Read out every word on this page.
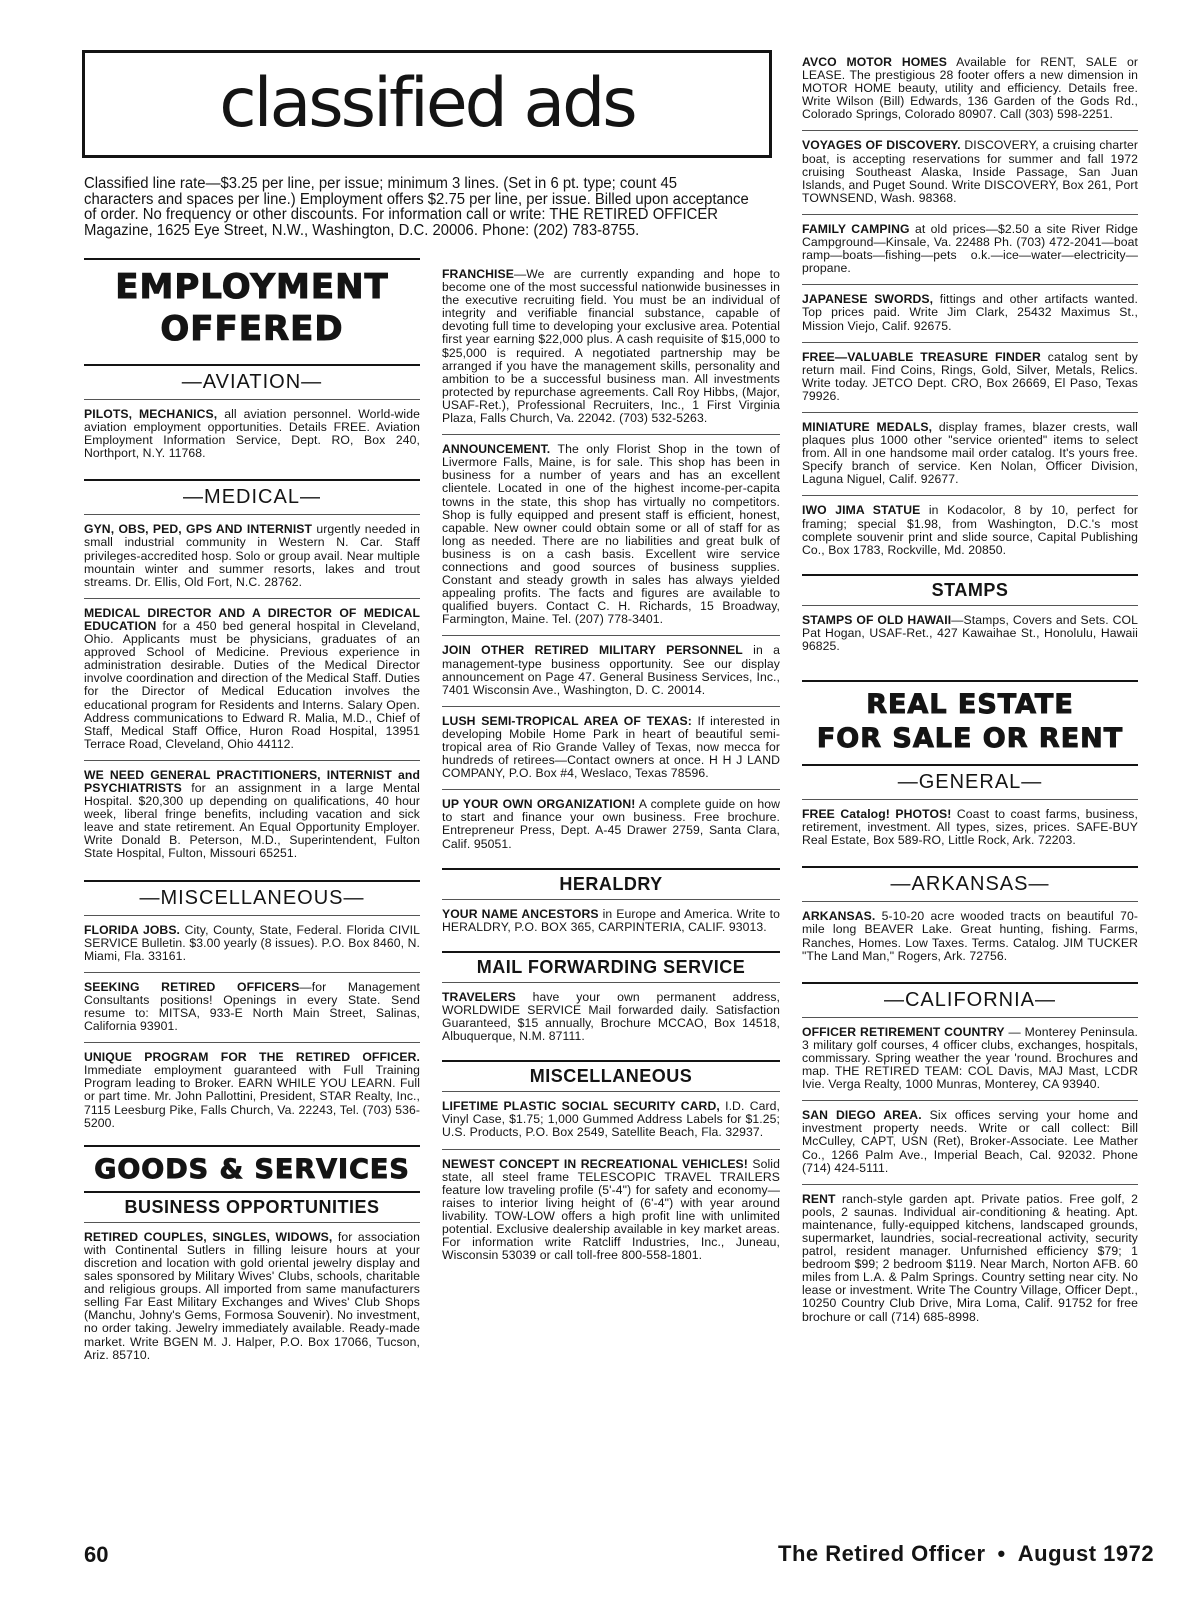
classified ads
Classified line rate—$3.25 per line, per issue; minimum 3 lines. (Set in 6 pt. type; count 45 characters and spaces per line.) Employment offers $2.75 per line, per issue. Billed upon acceptance of order. No frequency or other discounts. For information call or write: THE RETIRED OFFICER Magazine, 1625 Eye Street, N.W., Washington, D.C. 20006. Phone: (202) 783-8755.
EMPLOYMENT
OFFERED
—AVIATION—
PILOTS, MECHANICS, all aviation personnel. World-wide aviation employment opportunities. Details FREE. Aviation Employment Information Service, Dept. RO, Box 240, Northport, N.Y. 11768.
—MEDICAL—
GYN, OBS, PED, GPS AND INTERNIST urgently needed in small industrial community in Western N. Car. Staff privileges-accredited hosp. Solo or group avail. Near multiple mountain winter and summer resorts, lakes and trout streams. Dr. Ellis, Old Fort, N.C. 28762.
MEDICAL DIRECTOR AND A DIRECTOR OF MEDICAL EDUCATION for a 450 bed general hospital in Cleveland, Ohio. Applicants must be physicians, graduates of an approved School of Medicine. Previous experience in administration desirable. Duties of the Medical Director involve coordination and direction of the Medical Staff. Duties for the Director of Medical Education involves the educational program for Residents and Interns. Salary Open. Address communications to Edward R. Malia, M.D., Chief of Staff, Medical Staff Office, Huron Road Hospital, 13951 Terrace Road, Cleveland, Ohio 44112.
WE NEED GENERAL PRACTITIONERS, INTERNIST and PSYCHIATRISTS for an assignment in a large Mental Hospital. $20,300 up depending on qualifications, 40 hour week, liberal fringe benefits, including vacation and sick leave and state retirement. An Equal Opportunity Employer. Write Donald B. Peterson, M.D., Superintendent, Fulton State Hospital, Fulton, Missouri 65251.
—MISCELLANEOUS—
FLORIDA JOBS. City, County, State, Federal. Florida CIVIL SERVICE Bulletin. $3.00 yearly (8 issues). P.O. Box 8460, N. Miami, Fla. 33161.
SEEKING RETIRED OFFICERS—for Management Consultants positions! Openings in every State. Send resume to: MITSA, 933-E North Main Street, Salinas, California 93901.
UNIQUE PROGRAM FOR THE RETIRED OFFICER. Immediate employment guaranteed with Full Training Program leading to Broker. EARN WHILE YOU LEARN. Full or part time. Mr. John Pallottini, President, STAR Realty, Inc., 7115 Leesburg Pike, Falls Church, Va. 22243, Tel. (703) 536-5200.
GOODS & SERVICES
BUSINESS OPPORTUNITIES
RETIRED COUPLES, SINGLES, WIDOWS, for association with Continental Sutlers in filling leisure hours at your discretion and location with gold oriental jewelry display and sales sponsored by Military Wives' Clubs, schools, charitable and religious groups. All imported from same manufacturers selling Far East Military Exchanges and Wives' Club Shops (Manchu, Johny's Gems, Formosa Souvenir). No investment, no order taking. Jewelry immediately available. Ready-made market. Write BGEN M. J. Halper, P.O. Box 17066, Tucson, Ariz. 85710.
FRANCHISE—We are currently expanding and hope to become one of the most successful nationwide businesses in the executive recruiting field. You must be an individual of integrity and verifiable financial substance, capable of devoting full time to developing your exclusive area. Potential first year earning $22,000 plus. A cash requisite of $15,000 to $25,000 is required. A negotiated partnership may be arranged if you have the management skills, personality and ambition to be a successful business man. All investments protected by repurchase agreements. Call Roy Hibbs, (Major, USAF-Ret.), Professional Recruiters, Inc., 1 First Virginia Plaza, Falls Church, Va. 22042. (703) 532-5263.
ANNOUNCEMENT. The only Florist Shop in the town of Livermore Falls, Maine, is for sale. This shop has been in business for a number of years and has an excellent clientele. Located in one of the highest income-per-capita towns in the state, this shop has virtually no competitors. Shop is fully equipped and present staff is efficient, honest, capable. New owner could obtain some or all of staff for as long as needed. There are no liabilities and great bulk of business is on a cash basis. Excellent wire service connections and good sources of business supplies. Constant and steady growth in sales has always yielded appealing profits. The facts and figures are available to qualified buyers. Contact C. H. Richards, 15 Broadway, Farmington, Maine. Tel. (207) 778-3401.
JOIN OTHER RETIRED MILITARY PERSONNEL in a management-type business opportunity. See our display announcement on Page 47. General Business Services, Inc., 7401 Wisconsin Ave., Washington, D. C. 20014.
LUSH SEMI-TROPICAL AREA OF TEXAS: If interested in developing Mobile Home Park in heart of beautiful semi-tropical area of Rio Grande Valley of Texas, now mecca for hundreds of retirees—Contact owners at once. H H J LAND COMPANY, P.O. Box #4, Weslaco, Texas 78596.
UP YOUR OWN ORGANIZATION! A complete guide on how to start and finance your own business. Free brochure. Entrepreneur Press, Dept. A-45 Drawer 2759, Santa Clara, Calif. 95051.
HERALDRY
YOUR NAME ANCESTORS in Europe and America. Write to HERALDRY, P.O. BOX 365, CARPINTERIA, CALIF. 93013.
MAIL FORWARDING SERVICE
TRAVELERS have your own permanent address, WORLDWIDE SERVICE Mail forwarded daily. Satisfaction Guaranteed, $15 annually, Brochure MCCAO, Box 14518, Albuquerque, N.M. 87111.
MISCELLANEOUS
LIFETIME PLASTIC SOCIAL SECURITY CARD, I.D. Card, Vinyl Case, $1.75; 1,000 Gummed Address Labels for $1.25; U.S. Products, P.O. Box 2549, Satellite Beach, Fla. 32937.
NEWEST CONCEPT IN RECREATIONAL VEHICLES! Solid state, all steel frame TELESCOPIC TRAVEL TRAILERS feature low traveling profile (5'-4") for safety and economy—raises to interior living height of (6'-4") with year around livability. TOW-LOW offers a high profit line with unlimited potential. Exclusive dealership available in key market areas. For information write Ratcliff Industries, Inc., Juneau, Wisconsin 53039 or call toll-free 800-558-1801.
AVCO MOTOR HOMES Available for RENT, SALE or LEASE. The prestigious 28 footer offers a new dimension in MOTOR HOME beauty, utility and efficiency. Details free. Write Wilson (Bill) Edwards, 136 Garden of the Gods Rd., Colorado Springs, Colorado 80907. Call (303) 598-2251.
VOYAGES OF DISCOVERY. DISCOVERY, a cruising charter boat, is accepting reservations for summer and fall 1972 cruising Southeast Alaska, Inside Passage, San Juan Islands, and Puget Sound. Write DISCOVERY, Box 261, Port TOWNSEND, Wash. 98368.
FAMILY CAMPING at old prices—$2.50 a site River Ridge Campground—Kinsale, Va. 22488 Ph. (703) 472-2041—boat ramp—boats—fishing—pets o.k.—ice—water—electricity—propane.
JAPANESE SWORDS, fittings and other artifacts wanted. Top prices paid. Write Jim Clark, 25432 Maximus St., Mission Viejo, Calif. 92675.
FREE—VALUABLE TREASURE FINDER catalog sent by return mail. Find Coins, Rings, Gold, Silver, Metals, Relics. Write today. JETCO Dept. CRO, Box 26669, El Paso, Texas 79926.
MINIATURE MEDALS, display frames, blazer crests, wall plaques plus 1000 other "service oriented" items to select from. All in one handsome mail order catalog. It's yours free. Specify branch of service. Ken Nolan, Officer Division, Laguna Niguel, Calif. 92677.
IWO JIMA STATUE in Kodacolor, 8 by 10, perfect for framing; special $1.98, from Washington, D.C.'s most complete souvenir print and slide source, Capital Publishing Co., Box 1783, Rockville, Md. 20850.
STAMPS
STAMPS OF OLD HAWAII—Stamps, Covers and Sets. COL Pat Hogan, USAF-Ret., 427 Kawaihae St., Honolulu, Hawaii 96825.
REAL ESTATE
FOR SALE OR RENT
—GENERAL—
FREE Catalog! PHOTOS! Coast to coast farms, business, retirement, investment. All types, sizes, prices. SAFE-BUY Real Estate, Box 589-RO, Little Rock, Ark. 72203.
—ARKANSAS—
ARKANSAS. 5-10-20 acre wooded tracts on beautiful 70-mile long BEAVER Lake. Great hunting, fishing. Farms, Ranches, Homes. Low Taxes. Terms. Catalog. JIM TUCKER "The Land Man," Rogers, Ark. 72756.
—CALIFORNIA—
OFFICER RETIREMENT COUNTRY — Monterey Peninsula. 3 military golf courses, 4 officer clubs, exchanges, hospitals, commissary. Spring weather the year 'round. Brochures and map. THE RETIRED TEAM: COL Davis, MAJ Mast, LCDR Ivie. Verga Realty, 1000 Munras, Monterey, CA 93940.
SAN DIEGO AREA. Six offices serving your home and investment property needs. Write or call collect: Bill McCulley, CAPT, USN (Ret), Broker-Associate. Lee Mather Co., 1266 Palm Ave., Imperial Beach, Cal. 92032. Phone (714) 424-5111.
RENT ranch-style garden apt. Private patios. Free golf, 2 pools, 2 saunas. Individual air-conditioning & heating. Apt. maintenance, fully-equipped kitchens, landscaped grounds, supermarket, laundries, social-recreational activity, security patrol, resident manager. Unfurnished efficiency $79; 1 bedroom $99; 2 bedroom $119. Near March, Norton AFB. 60 miles from L.A. & Palm Springs. Country setting near city. No lease or investment. Write The Country Village, Officer Dept., 10250 Country Club Drive, Mira Loma, Calif. 91752 for free brochure or call (714) 685-8998.
60	The Retired Officer • August 1972
